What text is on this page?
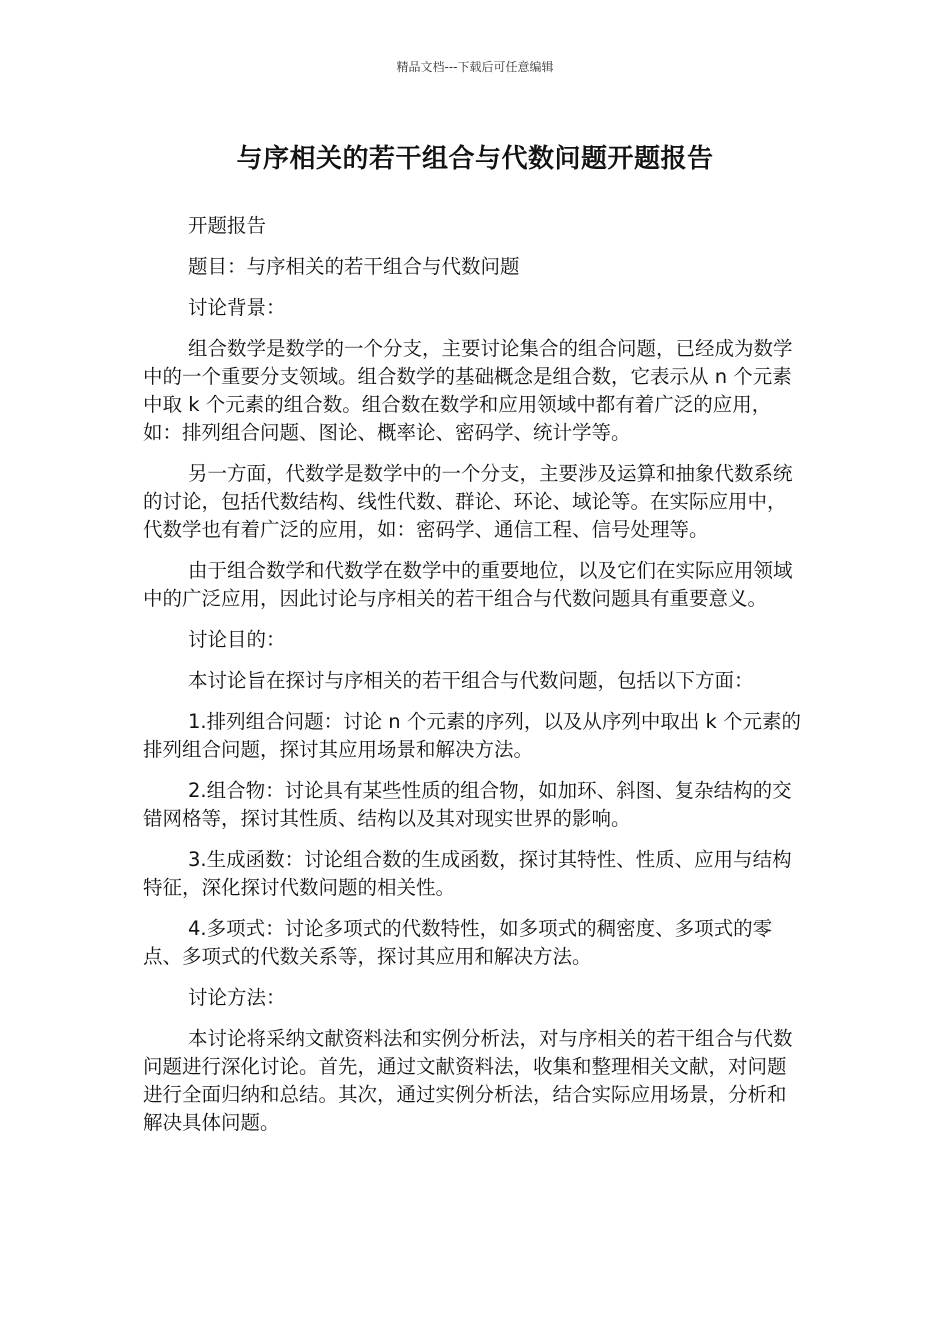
精品文档---下载后可任意编辑
与序相关的若干组合与代数问题开题报告

开题报告

题目：与序相关的若干组合与代数问题

讨论背景：

组合数学是数学的一个分支，主要讨论集合的组合问题，已经成为数学中的一个重要分支领域。组合数学的基础概念是组合数，它表示从 n 个元素中取 k 个元素的组合数。组合数在数学和应用领域中都有着广泛的应用，如：排列组合问题、图论、概率论、密码学、统计学等。

另一方面，代数学是数学中的一个分支，主要涉及运算和抽象代数系统的讨论，包括代数结构、线性代数、群论、环论、域论等。在实际应用中，代数学也有着广泛的应用，如：密码学、通信工程、信号处理等。

由于组合数学和代数学在数学中的重要地位，以及它们在实际应用领域中的广泛应用，因此讨论与序相关的若干组合与代数问题具有重要意义。

讨论目的：

本讨论旨在探讨与序相关的若干组合与代数问题，包括以下方面：

1.排列组合问题：讨论 n 个元素的序列，以及从序列中取出 k 个元素的排列组合问题，探讨其应用场景和解决方法。

2.组合物：讨论具有某些性质的组合物，如加环、斜图、复杂结构的交错网格等，探讨其性质、结构以及其对现实世界的影响。

3.生成函数：讨论组合数的生成函数，探讨其特性、性质、应用与结构特征，深化探讨代数问题的相关性。

4.多项式：讨论多项式的代数特性，如多项式的稠密度、多项式的零点、多项式的代数关系等，探讨其应用和解决方法。

讨论方法：

本讨论将采纳文献资料法和实例分析法，对与序相关的若干组合与代数问题进行深化讨论。首先，通过文献资料法，收集和整理相关文献，对问题进行全面归纳和总结。其次，通过实例分析法，结合实际应用场景，分析和解决具体问题。
